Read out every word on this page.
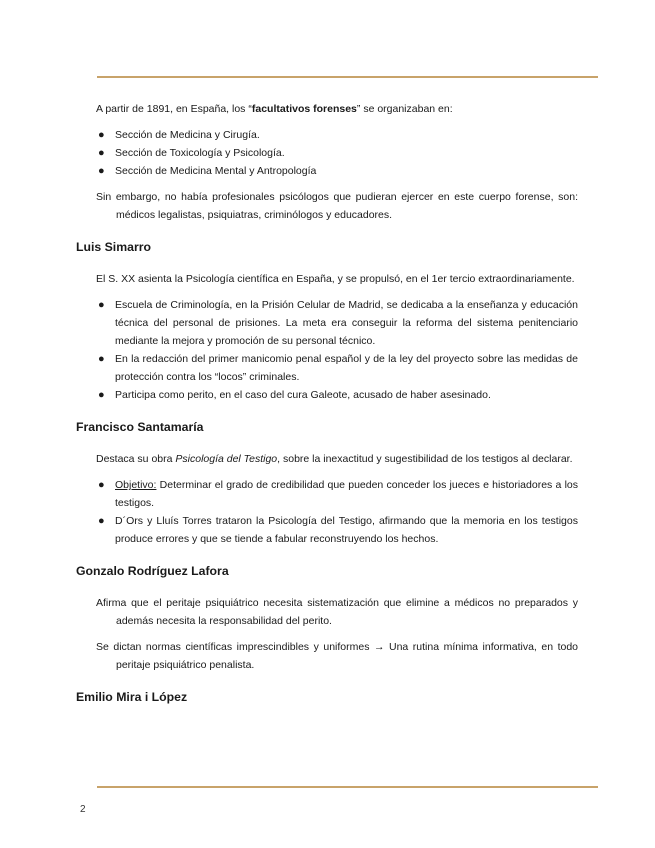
A partir de 1891, en España, los “facultativos forenses” se organizaban en:

● Sección de Medicina y Cirugía.
● Sección de Toxicología y Psicología.
● Sección de Medicina Mental y Antropología

Sin embargo, no había profesionales psicólogos que pudieran ejercer en este cuerpo forense, son: médicos legalistas, psiquiatras, criminólogos y educadores.

Luis Simarro

El S. XX asienta la Psicología científica en España, y se propulsó, en el 1er tercio extraordinariamente.

● Escuela de Criminología, en la Prisión Celular de Madrid, se dedicaba a la enseñanza y educación técnica del personal de prisiones. La meta era conseguir la reforma del sistema penitenciario mediante la mejora y promoción de su personal técnico.
● En la redacción del primer manicomio penal español y de la ley del proyecto sobre las medidas de protección contra los “locos” criminales.
● Participa como perito, en el caso del cura Galeote, acusado de haber asesinado.
Francisco Santamaría

Destaca su obra Psicología del Testigo, sobre la inexactitud y sugestibilidad de los testigos al declarar.

● Objetivo: Determinar el grado de credibilidad que pueden conceder los jueces e historiadores a los testigos.
● D´Ors y Lluís Torres trataron la Psicología del Testigo, afirmando que la memoria en los testigos produce errores y que se tiende a fabular reconstruyendo los hechos.
Gonzalo Rodríguez Lafora

Afirma que el peritaje psiquiátrico necesita sistematización que elimine a médicos no preparados y además necesita la responsabilidad del perito.

Se dictan normas científicas imprescindibles y uniformes → Una rutina mínima informativa, en todo peritaje psiquiátrico penalista.

Emilio Mira i López
2
